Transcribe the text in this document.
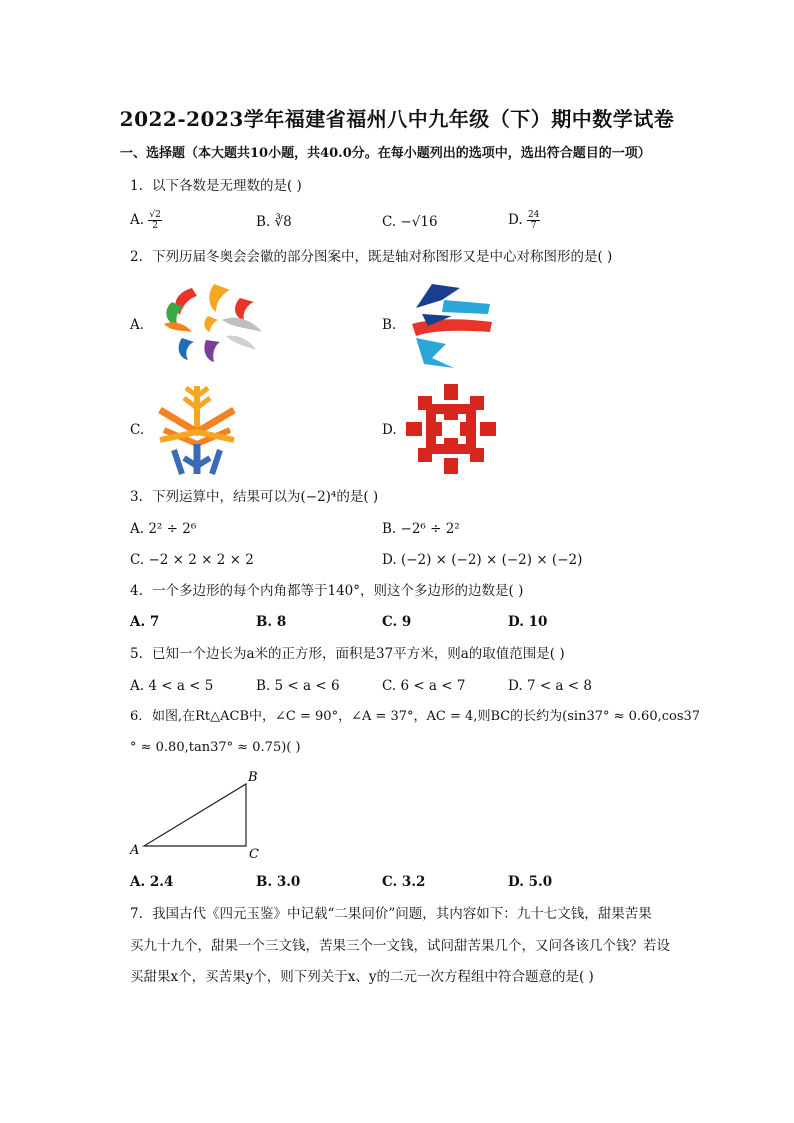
2022-2023学年福建省福州八中九年级（下）期中数学试卷
一、选择题（本大题共10小题，共40.0分。在每小题列出的选项中，选出符合题目的一项）
1. 以下各数是无理数的是( )
A. $\frac{√2}{2}$	B. ∛8	C. −√16	D. $\frac{24}{7}$
2. 下列历届冬奥会会徽的部分图案中，既是轴对称图形又是中心对称图形的是( )
A.	B.
C.	D.
3. 下列运算中，结果可以为(−2)⁴的是( )
A. 2² ÷ 2⁶	B. −2⁶ ÷ 2²
C. −2 × 2 × 2 × 2	D. (−2) × (−2) × (−2) × (−2)
4. 一个多边形的每个内角都等于140°，则这个多边形的边数是( )
A. 7	B. 8	C. 9	D. 10
5. 已知一个边长为a米的正方形，面积是37平方米，则a的取值范围是( )
A. 4 < a < 5	B. 5 < a < 6	C. 6 < a < 7	D. 7 < a < 8
6. 如图,在Rt△ACB中，∠C = 90°，∠A = 37°，AC = 4,则BC的长约为(sin37° ≈ 0.60,cos37
° ≈ 0.80,tan37° ≈ 0.75)( )
A
B
C
A. 2.4	B. 3.0	C. 3.2	D. 5.0
7. 我国古代《四元玉鉴》中记载“二果问价”问题，其内容如下：九十七文钱，甜果苦果
买九十九个，甜果一个三文钱，苦果三个一文钱，试问甜苦果几个，又问各该几个钱？若设
买甜果x个，买苦果y个，则下列关于x、y的二元一次方程组中符合题意的是( )
